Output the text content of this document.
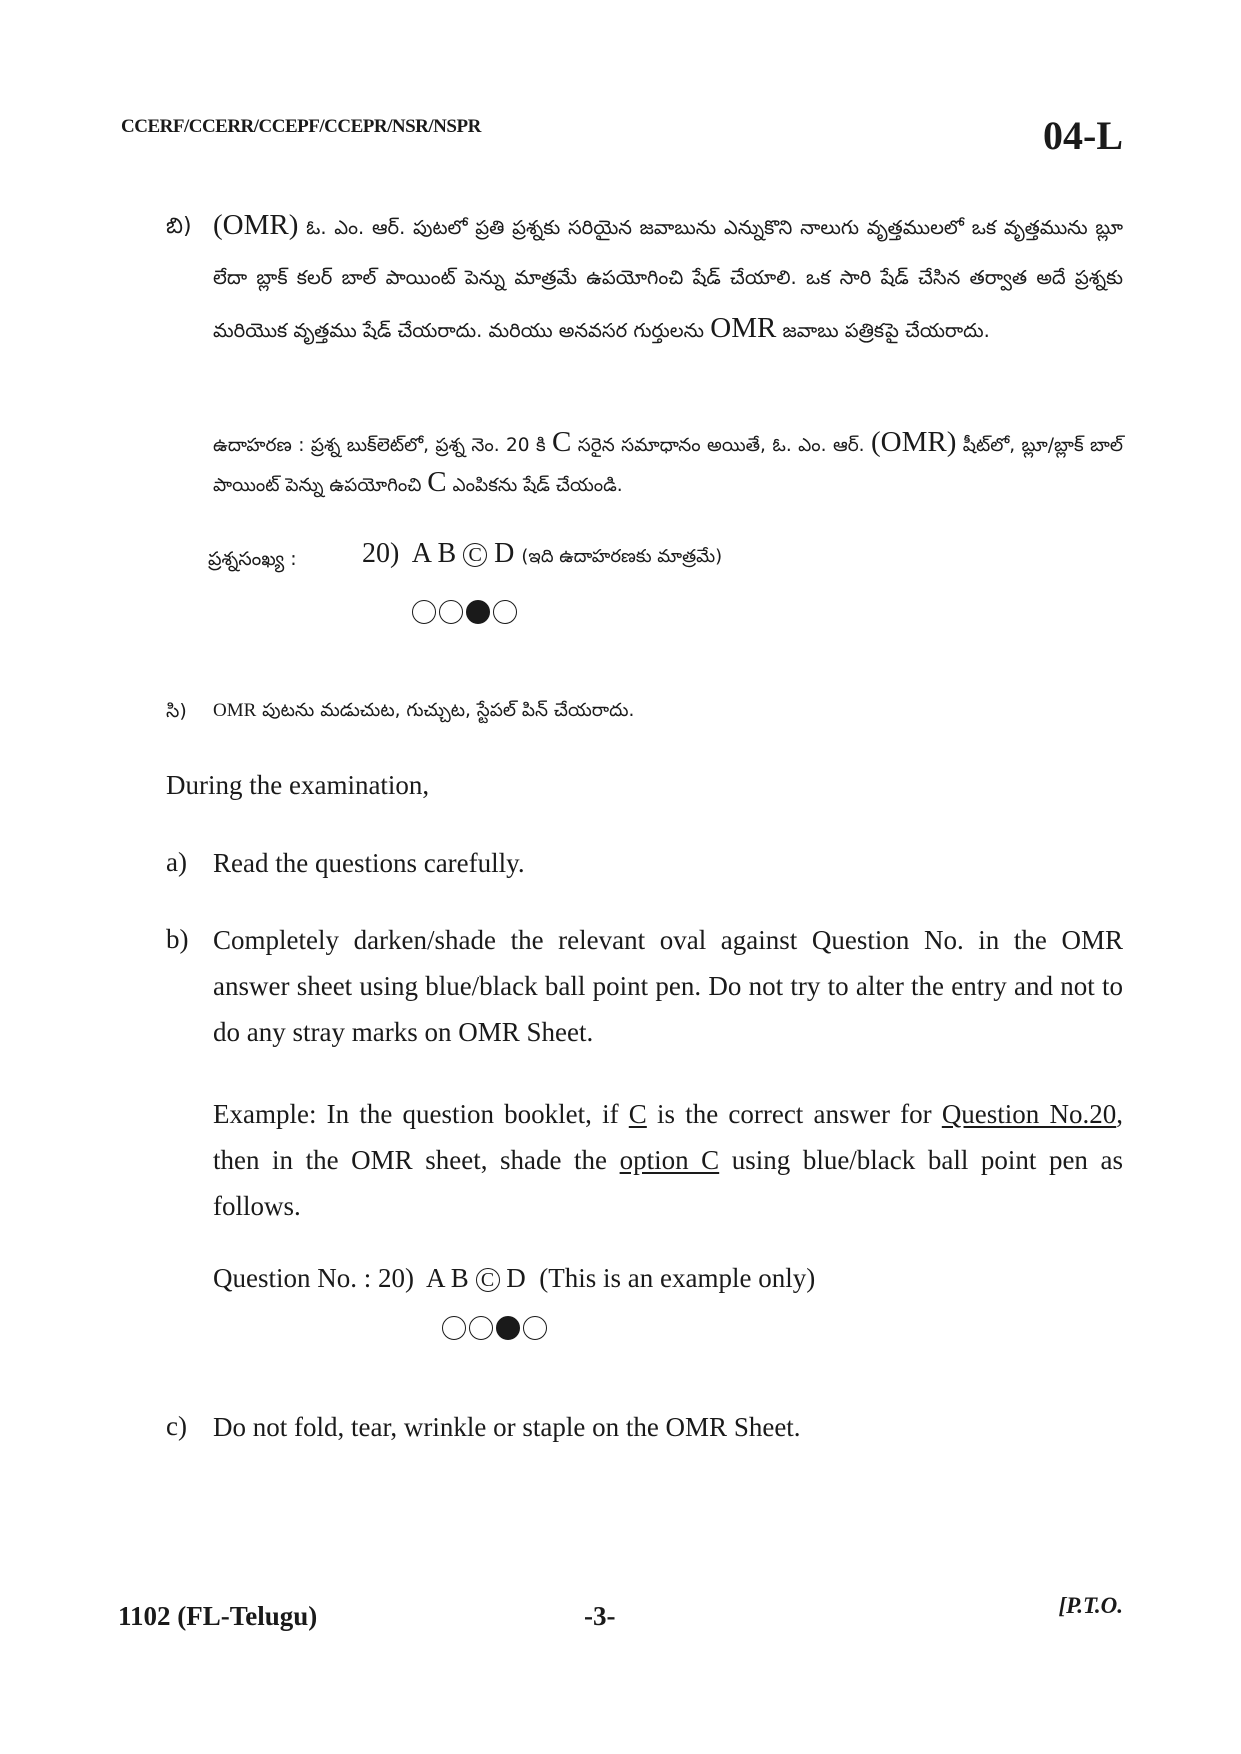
CCERF/CCERR/CCEPF/CCEPR/NSR/NSPR	04-L
బి) (OMR) ఓ. ఎం. ఆర్. పుటలో ప్రతి ప్రశ్నకు సరియైన జవాబును ఎన్నుకొని నాలుగు వృత్తములలో ఒక వృత్తమును బ్లూ లేదా బ్లాక్ కలర్ బాల్ పాయింట్ పెన్ను మాత్రమే ఉపయోగించి షేడ్ చేయాలి. ఒక సారి షేడ్ చేసిన తర్వాత అదే ప్రశ్నకు మరియొక వృత్తము షేడ్ చేయరాదు. మరియు అనవసర గుర్తులను OMR జవాబు పత్రికపై చేయరాదు.
ఉదాహరణ : ప్రశ్న బుక్‌లెట్‌లో, ప్రశ్న నెం. 20 కి C సరైన సమాధానం అయితే, ఓ. ఎం. ఆర్. (OMR) షీట్‌లో, బ్లూ/బ్లాక్ బాల్ పాయింట్ పెన్ను ఉపయోగించి C ఎంపికను షేడ్ చేయండి.
ప్రశ్నసంఖ్య : 20) A B C D (ఇది ఉదాహరణకు మాత్రమే)
సి) OMR పుటను మడుచుట, గుచ్చుట, స్టేపల్ పిన్ చేయరాదు.
During the examination,
a) Read the questions carefully.
b) Completely darken/shade the relevant oval against Question No. in the OMR answer sheet using blue/black ball point pen. Do not try to alter the entry and not to do any stray marks on OMR Sheet.
Example: In the question booklet, if C is the correct answer for Question No.20, then in the OMR sheet, shade the option C using blue/black ball point pen as follows.
Question No. : 20) A B C D (This is an example only)
c) Do not fold, tear, wrinkle or staple on the OMR Sheet.
1102 (FL-Telugu)	-3-	[P.T.O.
